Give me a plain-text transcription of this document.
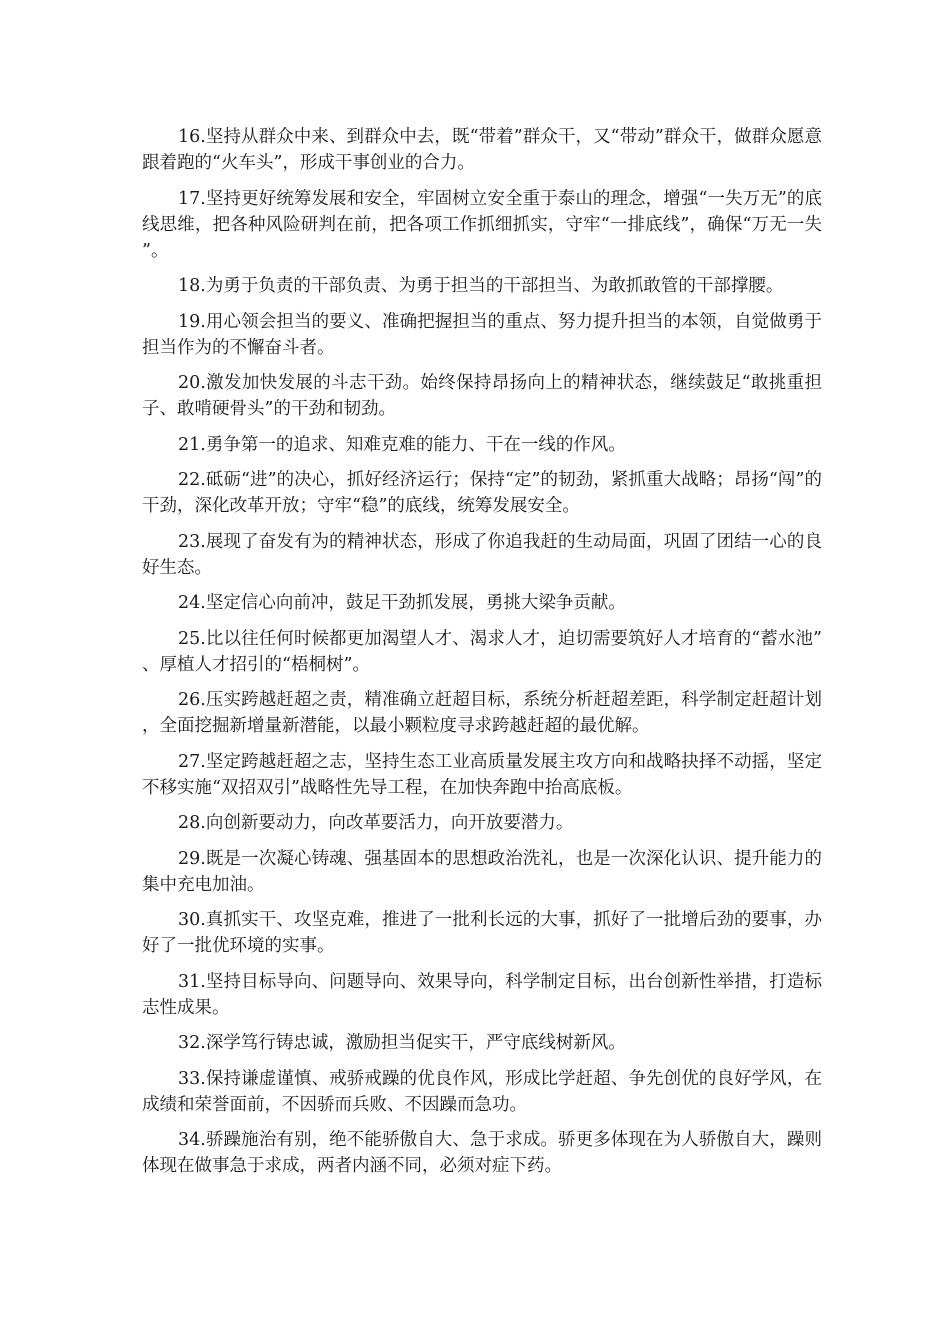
16.坚持从群众中来、到群众中去，既“带着”群众干，又“带动”群众干，做群众愿意跟着跑的“火车头”，形成干事创业的合力。

17.坚持更好统筹发展和安全，牢固树立安全重于泰山的理念，增强“一失万无”的底线思维，把各种风险研判在前，把各项工作抓细抓实，守牢“一排底线”，确保“万无一失”。

18.为勇于负责的干部负责、为勇于担当的干部担当、为敢抓敢管的干部撑腰。

19.用心领会担当的要义、准确把握担当的重点、努力提升担当的本领，自觉做勇于担当作为的不懈奋斗者。

20.激发加快发展的斗志干劲。始终保持昂扬向上的精神状态，继续鼓足“敢挑重担子、敢啃硬骨头”的干劲和韧劲。

21.勇争第一的追求、知难克难的能力、干在一线的作风。

22.砥砺“进”的决心，抓好经济运行；保持“定”的韧劲，紧抓重大战略；昂扬“闯”的干劲，深化改革开放；守牢“稳”的底线，统筹发展安全。

23.展现了奋发有为的精神状态，形成了你追我赶的生动局面，巩固了团结一心的良好生态。

24.坚定信心向前冲，鼓足干劲抓发展，勇挑大梁争贡献。

25.比以往任何时候都更加渴望人才、渴求人才，迫切需要筑好人才培育的“蓄水池”、厚植人才招引的“梧桐树”。

26.压实跨越赶超之责，精准确立赶超目标，系统分析赶超差距，科学制定赶超计划，全面挖掘新增量新潜能，以最小颗粒度寻求跨越赶超的最优解。

27.坚定跨越赶超之志，坚持生态工业高质量发展主攻方向和战略抉择不动摇，坚定不移实施“双招双引”战略性先导工程，在加快奔跑中抬高底板。

28.向创新要动力，向改革要活力，向开放要潜力。

29.既是一次凝心铸魂、强基固本的思想政治洗礼，也是一次深化认识、提升能力的集中充电加油。

30.真抓实干、攻坚克难，推进了一批利长远的大事，抓好了一批增后劲的要事，办好了一批优环境的实事。

31.坚持目标导向、问题导向、效果导向，科学制定目标，出台创新性举措，打造标志性成果。

32.深学笃行铸忠诚，激励担当促实干，严守底线树新风。

33.保持谦虚谨慎、戒骄戒躁的优良作风，形成比学赶超、争先创优的良好学风，在成绩和荣誉面前，不因骄而兵败、不因躁而急功。

34.骄躁施治有别，绝不能骄傲自大、急于求成。骄更多体现在为人骄傲自大，躁则体现在做事急于求成，两者内涵不同，必须对症下药。
